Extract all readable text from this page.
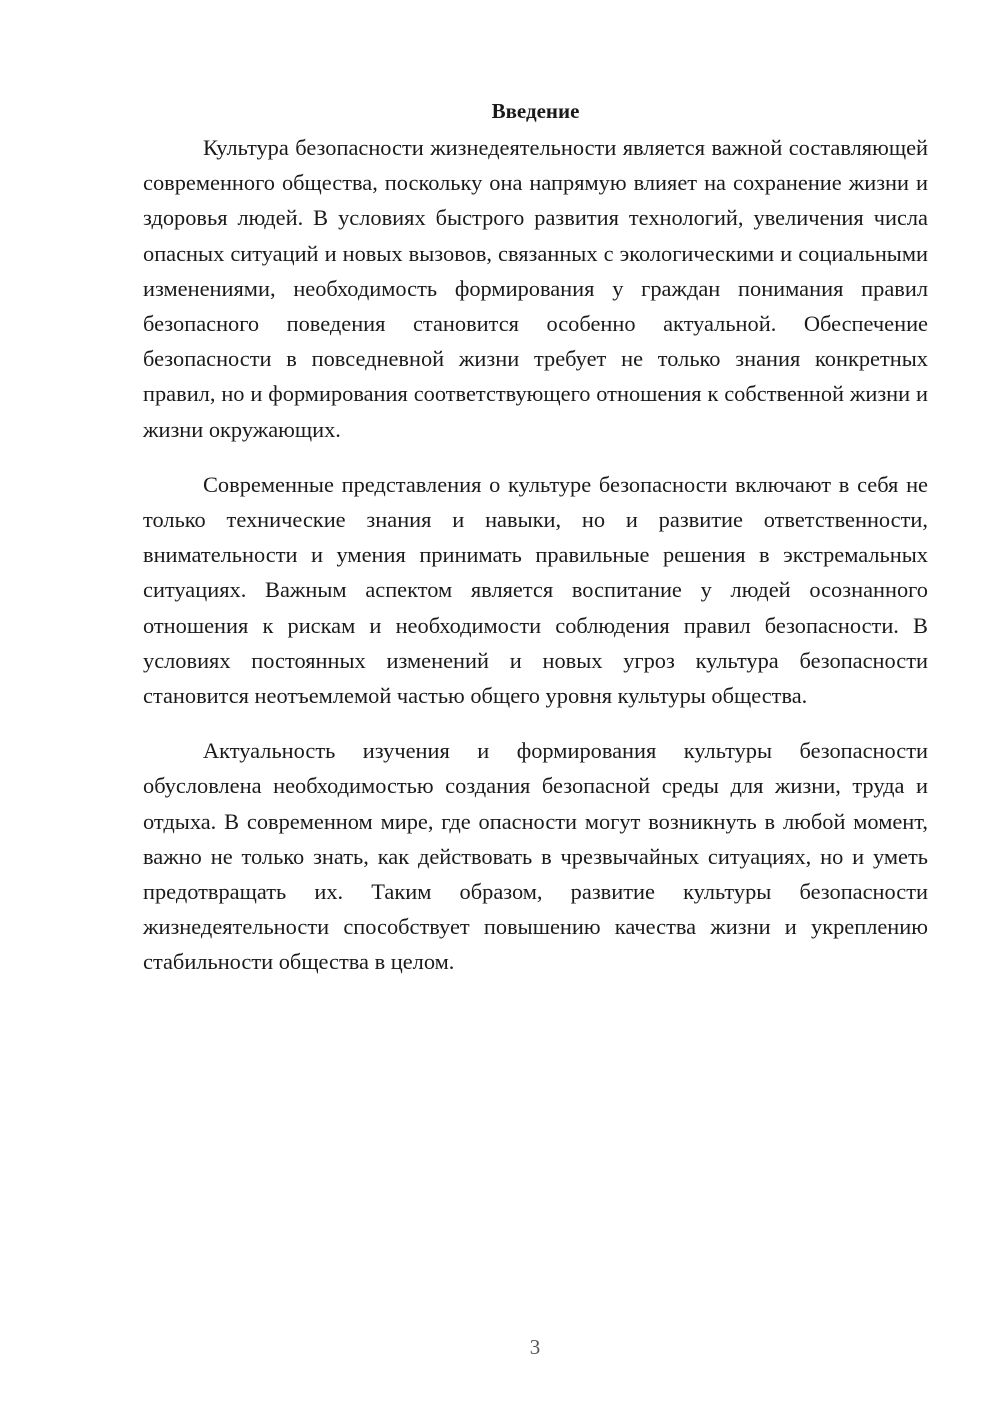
Введение

Культура безопасности жизнедеятельности является важной составляющей современного общества, поскольку она напрямую влияет на сохранение жизни и здоровья людей. В условиях быстрого развития технологий, увеличения числа опасных ситуаций и новых вызовов, связанных с экологическими и социальными изменениями, необходимость формирования у граждан понимания правил безопасного поведения становится особенно актуальной. Обеспечение безопасности в повседневной жизни требует не только знания конкретных правил, но и формирования соответствующего отношения к собственной жизни и жизни окружающих.

Современные представления о культуре безопасности включают в себя не только технические знания и навыки, но и развитие ответственности, внимательности и умения принимать правильные решения в экстремальных ситуациях. Важным аспектом является воспитание у людей осознанного отношения к рискам и необходимости соблюдения правил безопасности. В условиях постоянных изменений и новых угроз культура безопасности становится неотъемлемой частью общего уровня культуры общества.

Актуальность изучения и формирования культуры безопасности обусловлена необходимостью создания безопасной среды для жизни, труда и отдыха. В современном мире, где опасности могут возникнуть в любой момент, важно не только знать, как действовать в чрезвычайных ситуациях, но и уметь предотвращать их. Таким образом, развитие культуры безопасности жизнедеятельности способствует повышению качества жизни и укреплению стабильности общества в целом.

3
